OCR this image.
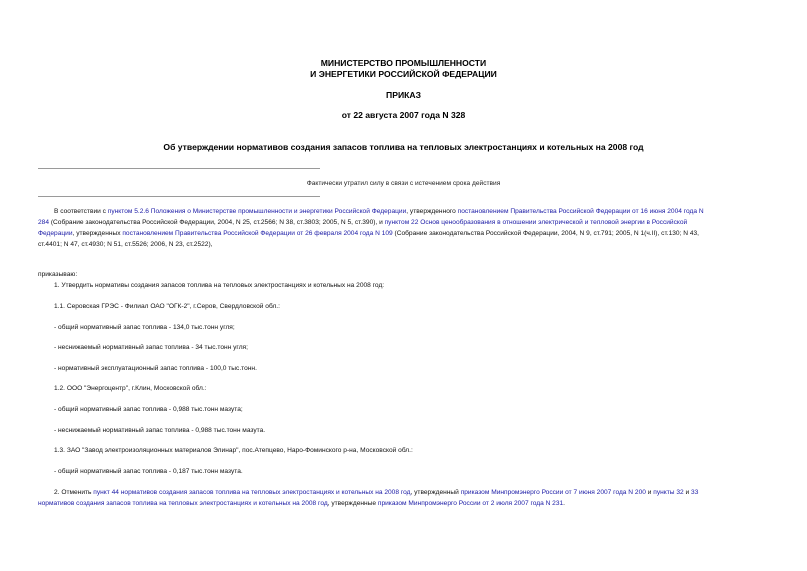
МИНИСТЕРСТВО ПРОМЫШЛЕННОСТИ
И ЭНЕРГЕТИКИ РОССИЙСКОЙ ФЕДЕРАЦИИ
ПРИКАЗ
от 22 августа 2007 года N 328
Об утверждении нормативов создания запасов топлива на тепловых электростанциях и котельных на 2008 год
Фактически утратил силу в связи с истечением срока действия
В соответствии с пунктом 5.2.6 Положения о Министерстве промышленности и энергетики Российской Федерации, утвержденного постановлением Правительства Российской Федерации от 16 июня 2004 года N
284 (Собрание законодательства Российской Федерации, 2004, N 25, ст.2566; N 38, ст.3803; 2005, N 5, ст.390), и пунктом 22 Основ ценообразования в отношении электрической и тепловой энергии в Российской
Федерации, утвержденных постановлением Правительства Российской Федерации от 26 февраля 2004 года N 109 (Собрание законодательства Российской Федерации, 2004, N 9, ст.791; 2005, N 1(ч.II), ст.130; N 43,
ст.4401; N 47, ст.4930; N 51, ст.5526; 2006, N 23, ст.2522),
приказываю:
1. Утвердить нормативы создания запасов топлива на тепловых электростанциях и котельных на 2008 год:
1.1. Серовская ГРЭС - Филиал ОАО "ОГК-2", г.Серов, Свердловской обл.:
- общий нормативный запас топлива - 134,0 тыс.тонн угля;
- неснижаемый нормативный запас топлива - 34 тыс.тонн угля;
- нормативный эксплуатационный запас топлива - 100,0 тыс.тонн.
1.2. ООО "Энергоцентр", г.Клин, Московской обл.:
- общий нормативный запас топлива - 0,988 тыс.тонн мазута;
- неснижаемый нормативный запас топлива - 0,988 тыс.тонн мазута.
1.3. ЗАО "Завод электроизоляционных материалов Элинар", пос.Атепцево, Наро-Фоминского р-на, Московской обл.:
- общий нормативный запас топлива - 0,187 тыс.тонн мазута.
2. Отменить пункт 44 нормативов создания запасов топлива на тепловых электростанциях и котельных на 2008 год, утвержденный приказом Минпромэнерго России от 7 июня 2007 года N 200 и пункты 32 и 33
нормативов создания запасов топлива на тепловых электростанциях и котельных на 2008 год, утвержденные приказом Минпромэнерго России от 2 июля 2007 года N 231.
